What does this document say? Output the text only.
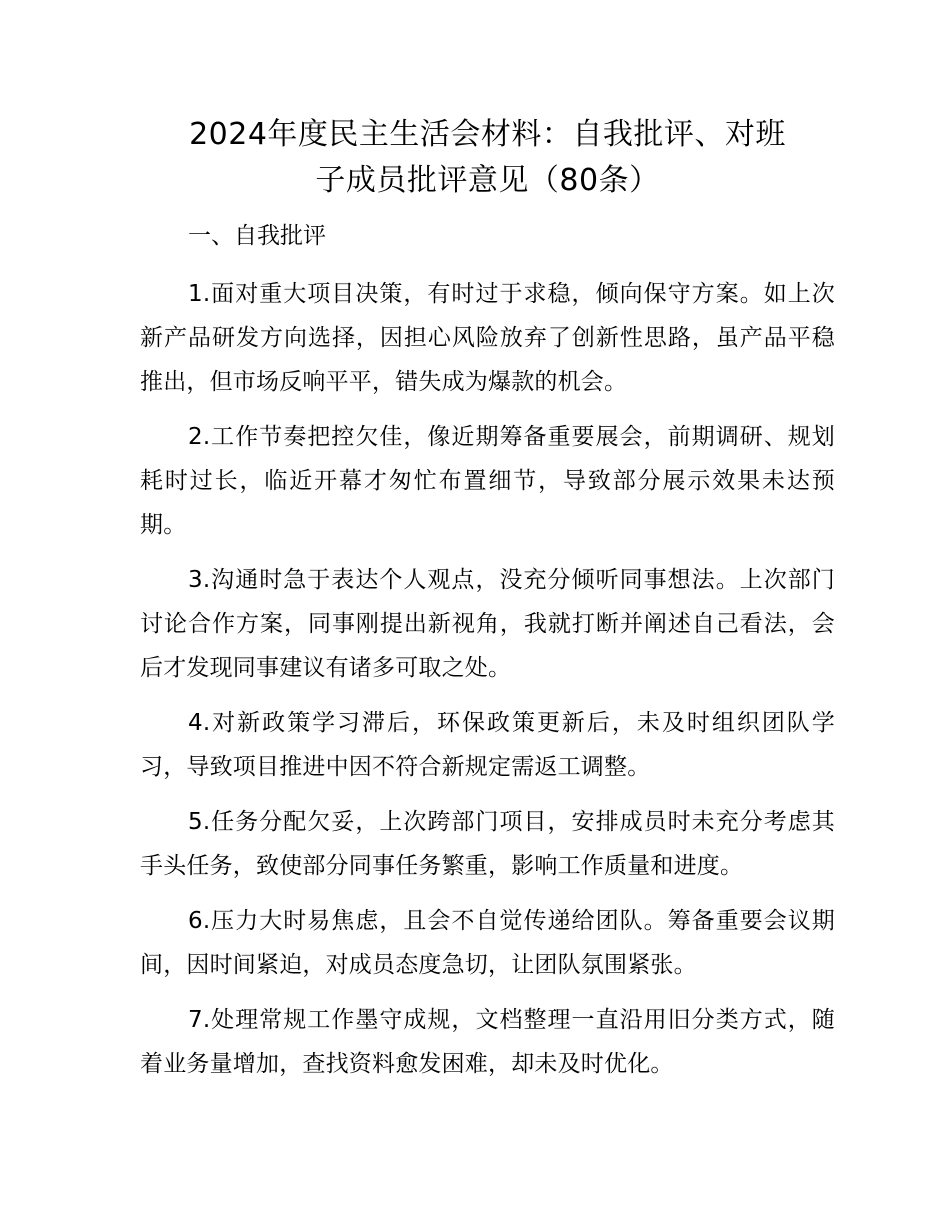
2024年度民主生活会材料：自我批评、对班
子成员批评意见（80条）

一、自我批评

1.面对重大项目决策，有时过于求稳，倾向保守方案。如上次新产品研发方向选择，因担心风险放弃了创新性思路，虽产品平稳推出，但市场反响平平，错失成为爆款的机会。

2.工作节奏把控欠佳，像近期筹备重要展会，前期调研、规划耗时过长，临近开幕才匆忙布置细节，导致部分展示效果未达预期。

3.沟通时急于表达个人观点，没充分倾听同事想法。上次部门讨论合作方案，同事刚提出新视角，我就打断并阐述自己看法，会后才发现同事建议有诸多可取之处。

4.对新政策学习滞后，环保政策更新后，未及时组织团队学习，导致项目推进中因不符合新规定需返工调整。

5.任务分配欠妥，上次跨部门项目，安排成员时未充分考虑其手头任务，致使部分同事任务繁重，影响工作质量和进度。

6.压力大时易焦虑，且会不自觉传递给团队。筹备重要会议期间，因时间紧迫，对成员态度急切，让团队氛围紧张。

7.处理常规工作墨守成规，文档整理一直沿用旧分类方式，随着业务量增加，查找资料愈发困难，却未及时优化。
